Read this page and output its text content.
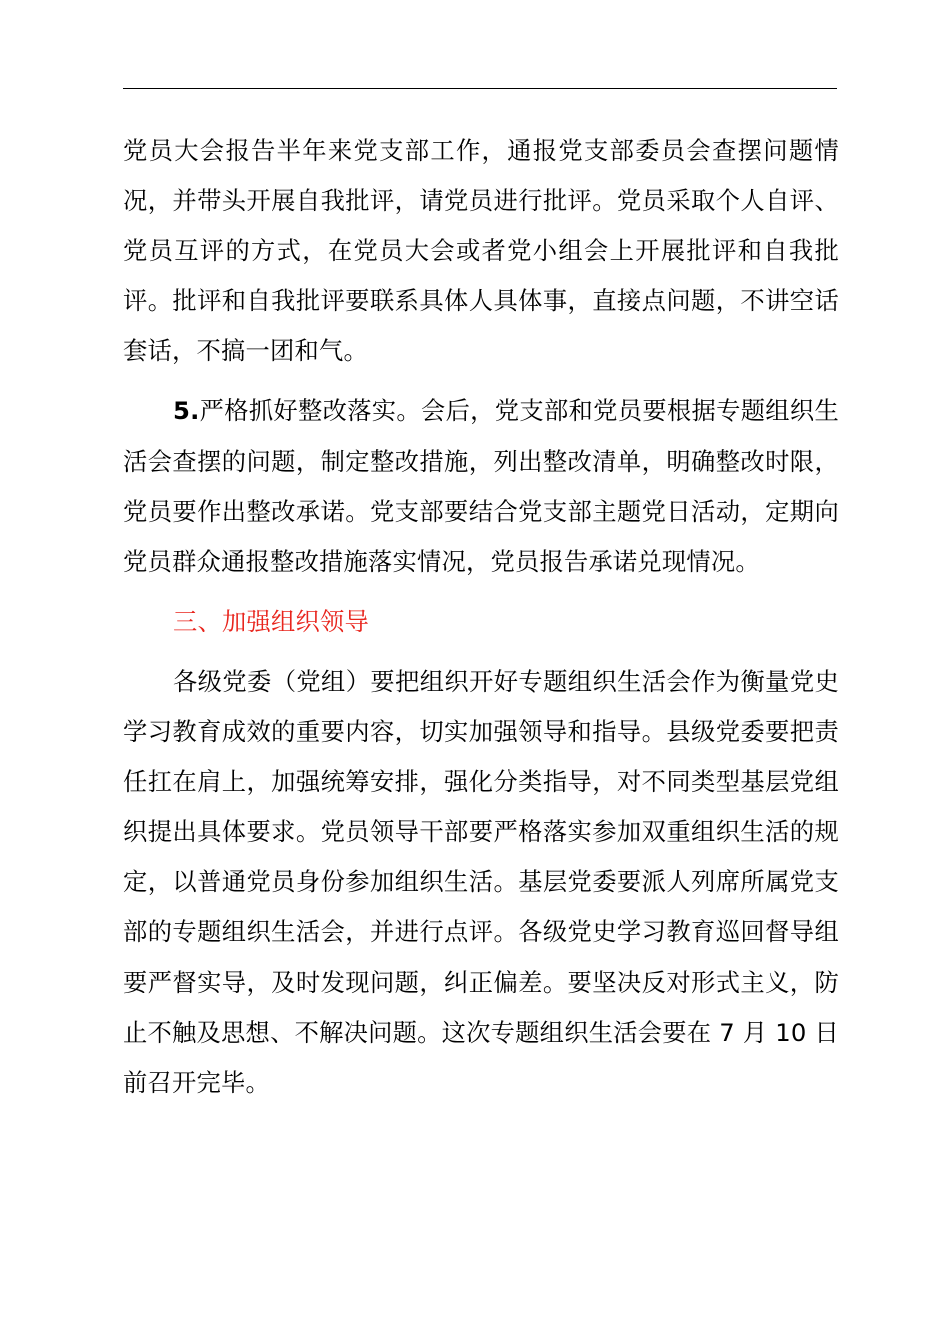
党员大会报告半年来党支部工作，通报党支部委员会查摆问题情况，并带头开展自我批评，请党员进行批评。党员采取个人自评、党员互评的方式，在党员大会或者党小组会上开展批评和自我批评。批评和自我批评要联系具体人具体事，直接点问题，不讲空话套话，不搞一团和气。

5.严格抓好整改落实。会后，党支部和党员要根据专题组织生活会查摆的问题，制定整改措施，列出整改清单，明确整改时限，党员要作出整改承诺。党支部要结合党支部主题党日活动，定期向党员群众通报整改措施落实情况，党员报告承诺兑现情况。

三、加强组织领导

各级党委（党组）要把组织开好专题组织生活会作为衡量党史学习教育成效的重要内容，切实加强领导和指导。县级党委要把责任扛在肩上，加强统筹安排，强化分类指导，对不同类型基层党组织提出具体要求。党员领导干部要严格落实参加双重组织生活的规定，以普通党员身份参加组织生活。基层党委要派人列席所属党支部的专题组织生活会，并进行点评。各级党史学习教育巡回督导组要严督实导，及时发现问题，纠正偏差。要坚决反对形式主义，防止不触及思想、不解决问题。这次专题组织生活会要在 7 月 10 日前召开完毕。
